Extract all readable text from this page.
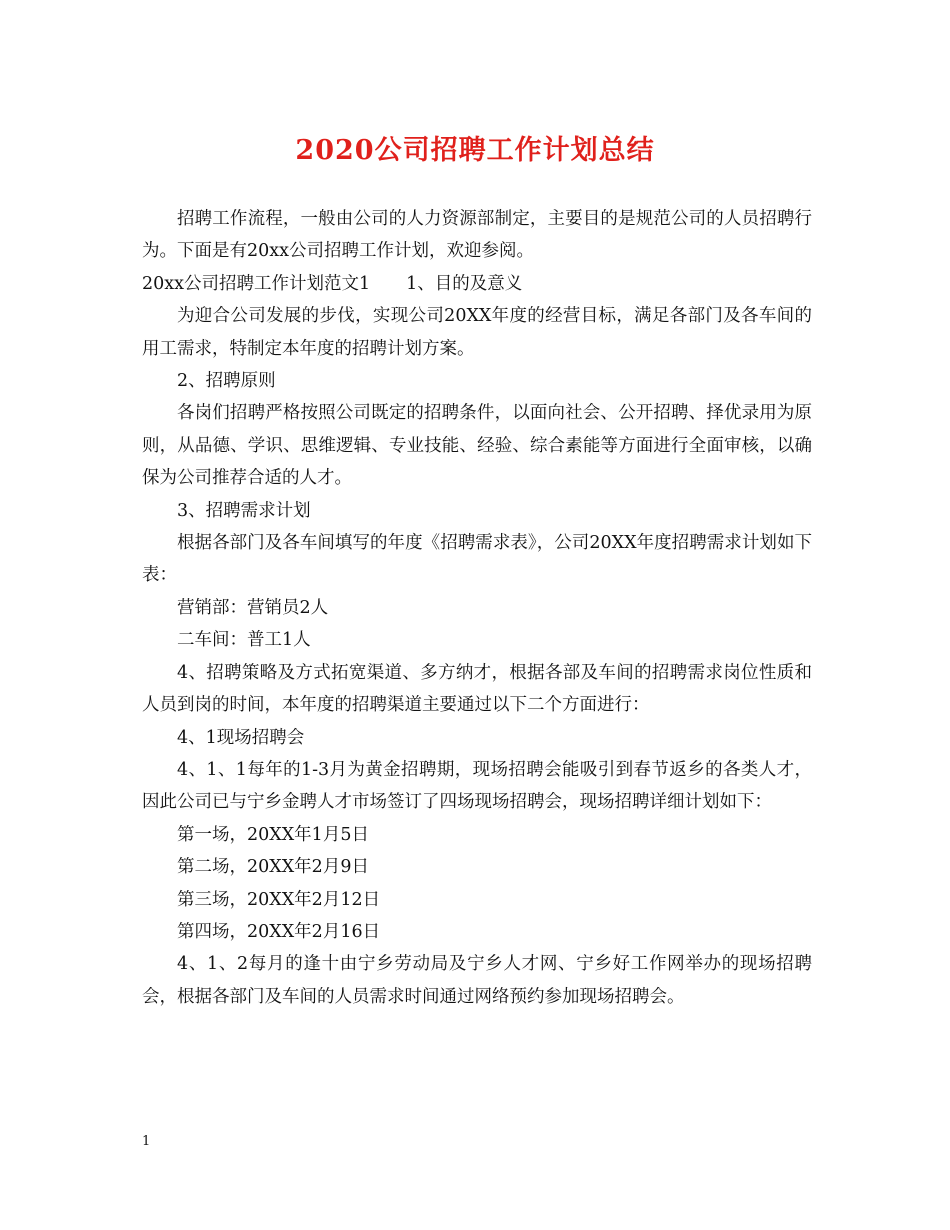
2020公司招聘工作计划总结

招聘工作流程，一般由公司的人力资源部制定，主要目的是规范公司的人员招聘行为。下面是有20xx公司招聘工作计划，欢迎参阅。

20xx公司招聘工作计划范文1 1、目的及意义

为迎合公司发展的步伐，实现公司20XX年度的经营目标，满足各部门及各车间的用工需求，特制定本年度的招聘计划方案。

2、招聘原则

各岗们招聘严格按照公司既定的招聘条件，以面向社会、公开招聘、择优录用为原则，从品德、学识、思维逻辑、专业技能、经验、综合素能等方面进行全面审核，以确保为公司推荐合适的人才。

3、招聘需求计划

根据各部门及各车间填写的年度《招聘需求表》，公司20XX年度招聘需求计划如下表：

营销部：营销员2人

二车间：普工1人

4、招聘策略及方式拓宽渠道、多方纳才，根据各部及车间的招聘需求岗位性质和人员到岗的时间，本年度的招聘渠道主要通过以下二个方面进行：

4、1现场招聘会

4、1、1每年的1-3月为黄金招聘期，现场招聘会能吸引到春节返乡的各类人才，因此公司已与宁乡金聘人才市场签订了四场现场招聘会，现场招聘详细计划如下：

第一场，20XX年1月5日

第二场，20XX年2月9日

第三场，20XX年2月12日

第四场，20XX年2月16日

4、1、2每月的逢十由宁乡劳动局及宁乡人才网、宁乡好工作网举办的现场招聘会，根据各部门及车间的人员需求时间通过网络预约参加现场招聘会。

1
